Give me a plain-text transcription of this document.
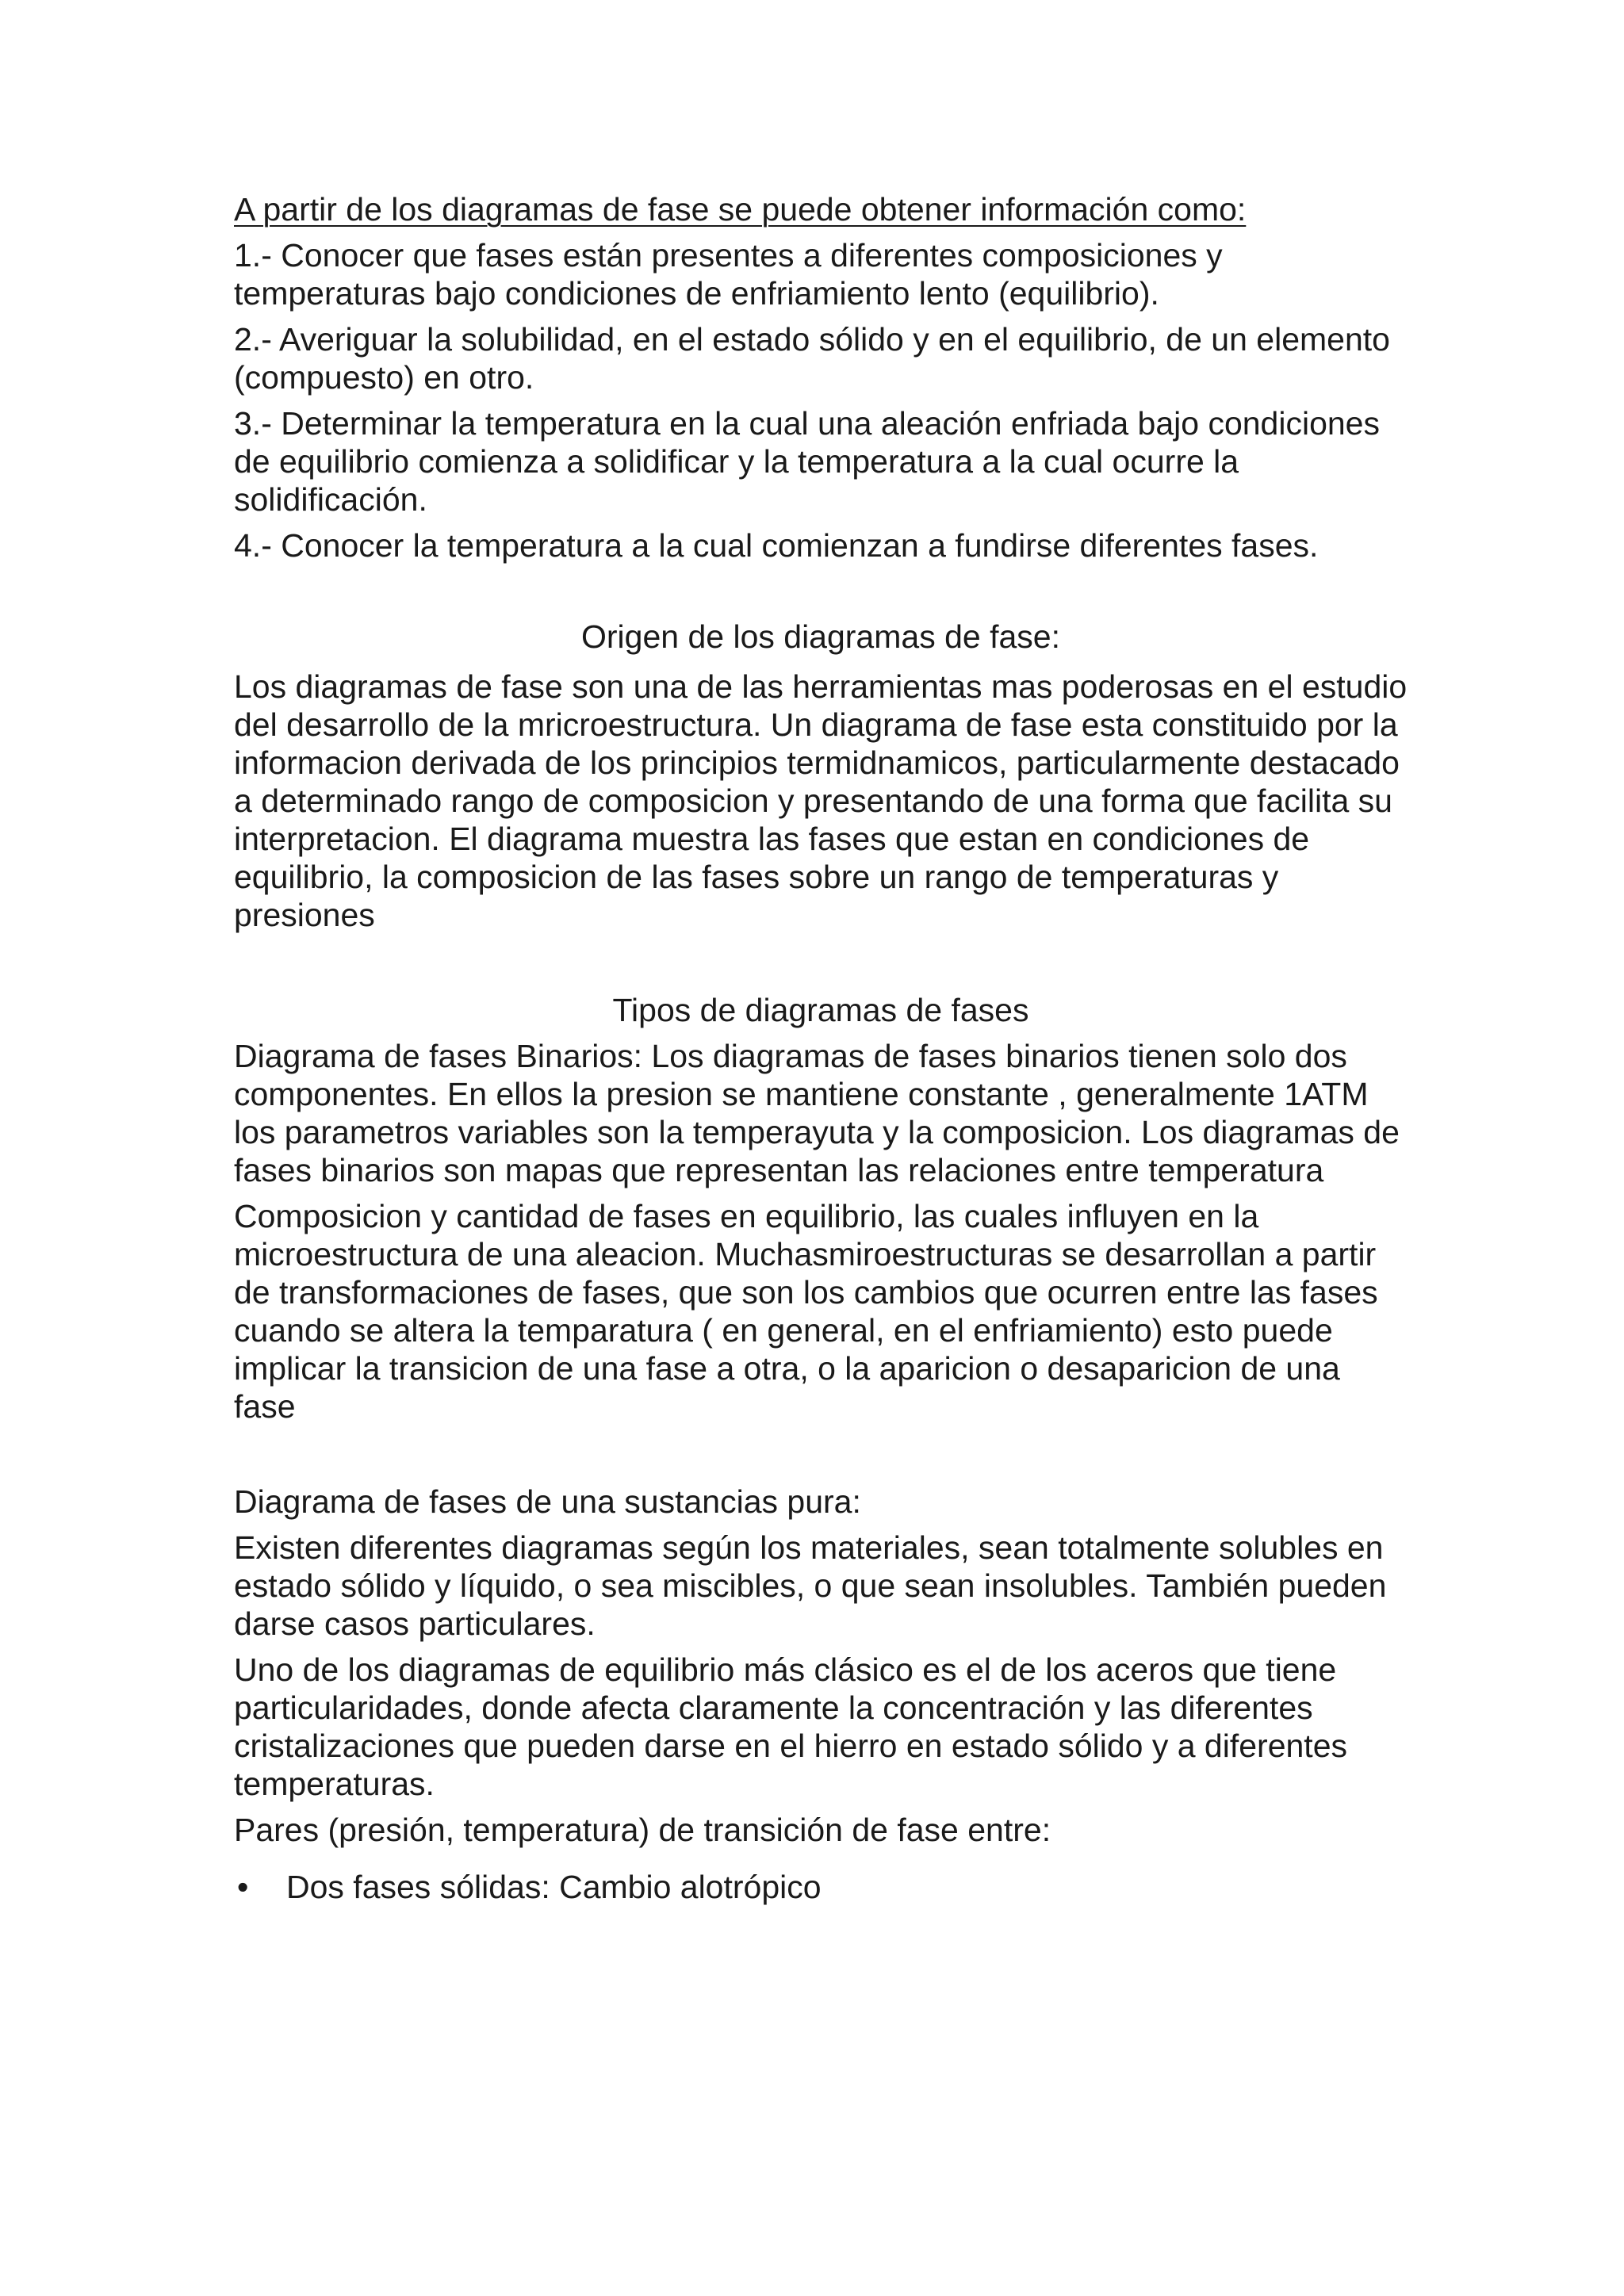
A partir de los diagramas de fase se puede obtener información como:

1.- Conocer que fases están presentes a diferentes composiciones y temperaturas bajo condiciones de enfriamiento lento (equilibrio).

2.- Averiguar la solubilidad, en el estado sólido y en el equilibrio, de un elemento (compuesto) en otro.

3.- Determinar la temperatura en la cual una aleación enfriada bajo condiciones de equilibrio comienza a solidificar y la temperatura a la cual ocurre la solidificación.

4.- Conocer la temperatura a la cual comienzan a fundirse diferentes fases.

Origen de los diagramas de fase:

Los diagramas de fase son una de las herramientas mas poderosas en el estudio del desarrollo de la mricroestructura. Un diagrama de fase esta constituido por la informacion derivada de los principios termidnamicos, particularmente destacado a determinado rango de composicion y presentando de una forma que facilita su interpretacion. El diagrama muestra las fases que estan en condiciones de equilibrio, la composicion de las fases sobre un rango de temperaturas y presiones

Tipos de diagramas de fases

Diagrama de fases Binarios: Los diagramas de fases binarios tienen solo dos componentes. En ellos la presion se mantiene constante , generalmente 1ATM los parametros variables son la temperayuta y la composicion. Los diagramas de fases binarios son mapas que representan las relaciones entre temperatura

Composicion y cantidad de fases en equilibrio, las cuales influyen en la microestructura de una aleacion. Muchasmiroestructuras se desarrollan a partir de transformaciones de fases, que son los cambios que ocurren entre las fases cuando se altera la temparatura ( en general, en el enfriamiento) esto puede implicar la transicion de una fase a otra, o la aparicion o desaparicion de una fase

Diagrama de fases de una sustancias pura:

Existen diferentes diagramas según los materiales, sean totalmente solubles en estado sólido y líquido, o sea miscibles, o que sean insolubles. También pueden darse casos particulares.

Uno de los diagramas de equilibrio más clásico es el de los aceros que tiene particularidades, donde afecta claramente la concentración y las diferentes cristalizaciones que pueden darse en el hierro en estado sólido y a diferentes temperaturas.

Pares (presión, temperatura) de transición de fase entre:

• Dos fases sólidas: Cambio alotrópico
